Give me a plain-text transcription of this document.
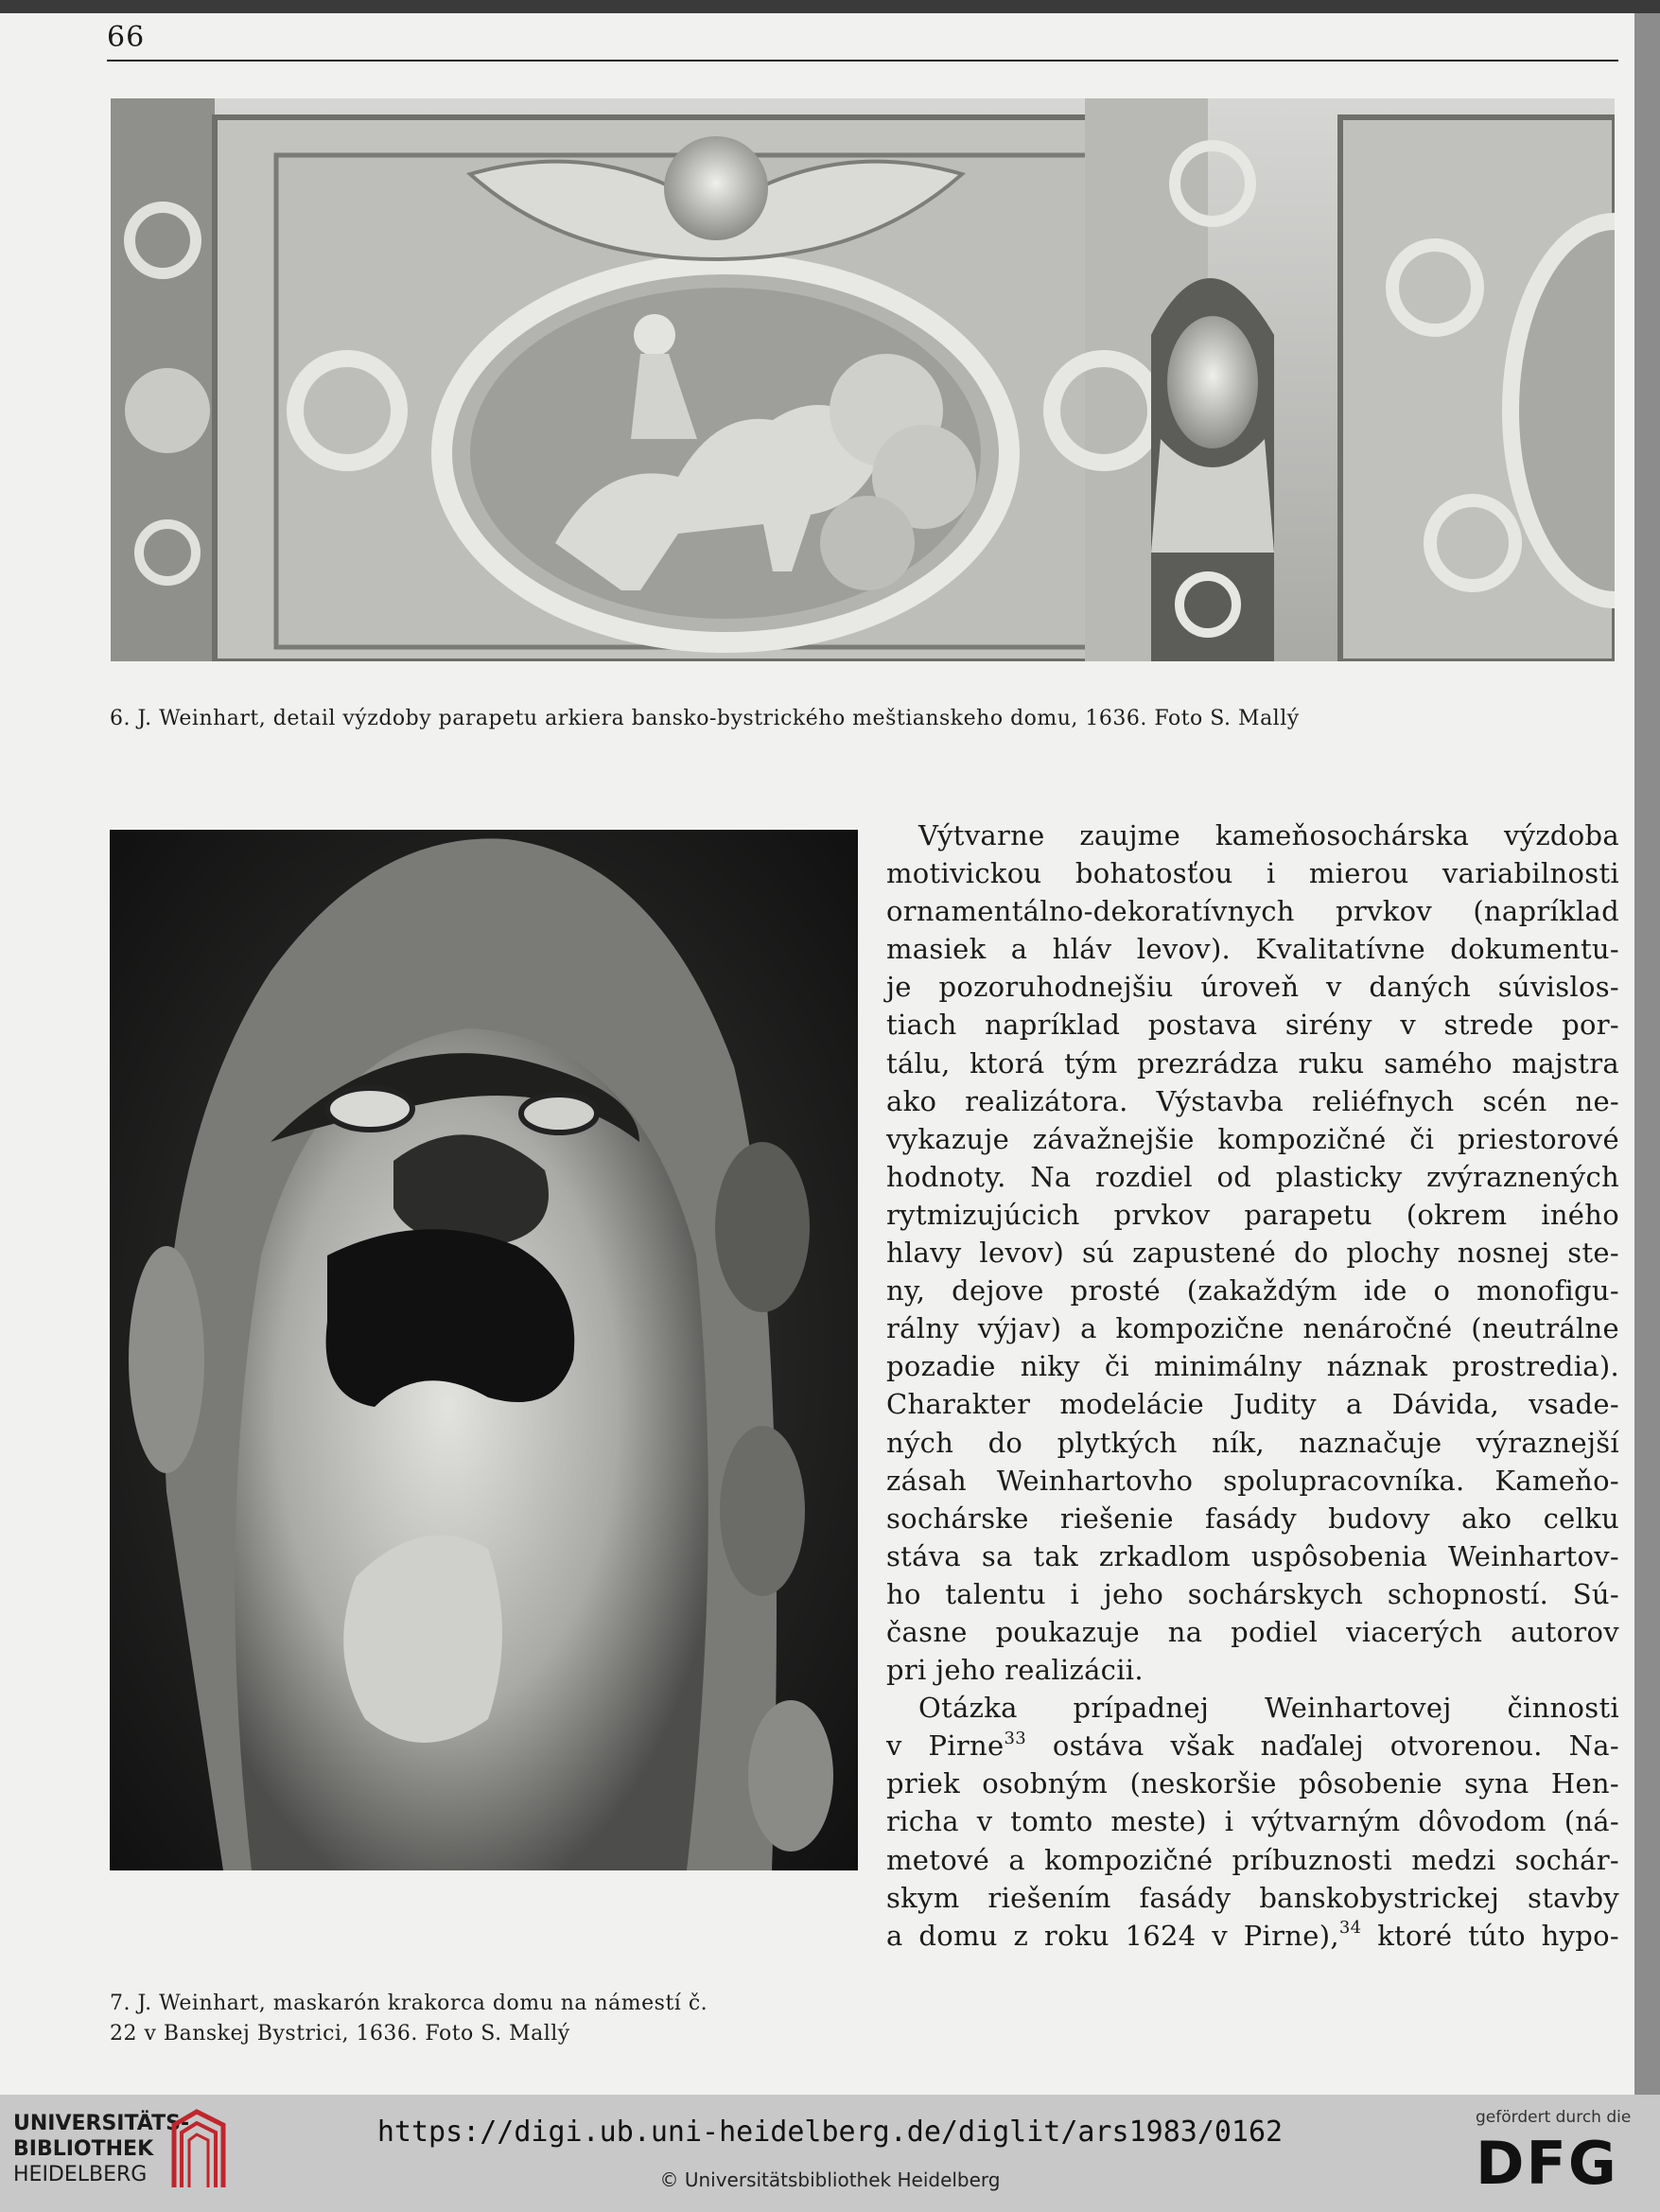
66
6. J. Weinhart, detail výzdoby parapetu arkiera bansko-bystrického meštianskeho domu, 1636. Foto S. Mallý
7. J. Weinhart, maskarón krakorca domu na námestí č.
22 v Banskej Bystrici, 1636. Foto S. Mallý
Výtvarne zaujme kameňosochárska výzdoba
motivickou bohatosťou i mierou variabilnosti
ornamentálno-dekoratívnych prvkov (napríklad
masiek a hláv levov). Kvalitatívne dokumentu-
je pozoruhodnejšiu úroveň v daných súvislos-
tiach napríklad postava sirény v strede por-
tálu, ktorá tým prezrádza ruku samého majstra
ako realizátora. Výstavba reliéfnych scén ne-
vykazuje závažnejšie kompozičné či priestorové
hodnoty. Na rozdiel od plasticky zvýraznených
rytmizujúcich prvkov parapetu (okrem iného
hlavy levov) sú zapustené do plochy nosnej ste-
ny, dejove prosté (zakaždým ide o monofigu-
rálny výjav) a kompozične nenáročné (neutrálne
pozadie niky či minimálny náznak prostredia).
Charakter modelácie Judity a Dávida, vsade-
ných do plytkých ník, naznačuje výraznejší
zásah Weinhartovho spolupracovníka. Kameňo-
sochárske riešenie fasády budovy ako celku
stáva sa tak zrkadlom uspôsobenia Weinhartov-
ho talentu i jeho sochárskych schopností. Sú-
časne poukazuje na podiel viacerých autorov
pri jeho realizácii.
Otázka prípadnej Weinhartovej činnosti
v Pirne$^{33}$ ostáva však naďalej otvorenou. Na-
priek osobným (neskoršie pôsobenie syna Hen-
richa v tomto meste) i výtvarným dôvodom (ná-
metové a kompozičné príbuznosti medzi sochár-
skym riešením fasády banskobystrickej stavby
a domu z roku 1624 v Pirne),$^{34}$ ktoré túto hypo-
UNIVERSITÄTS-
BIBLIOTHEK
HEIDELBERG
https://digi.ub.uni-heidelberg.de/diglit/ars1983/0162
© Universitätsbibliothek Heidelberg
gefördert durch die
DFG
